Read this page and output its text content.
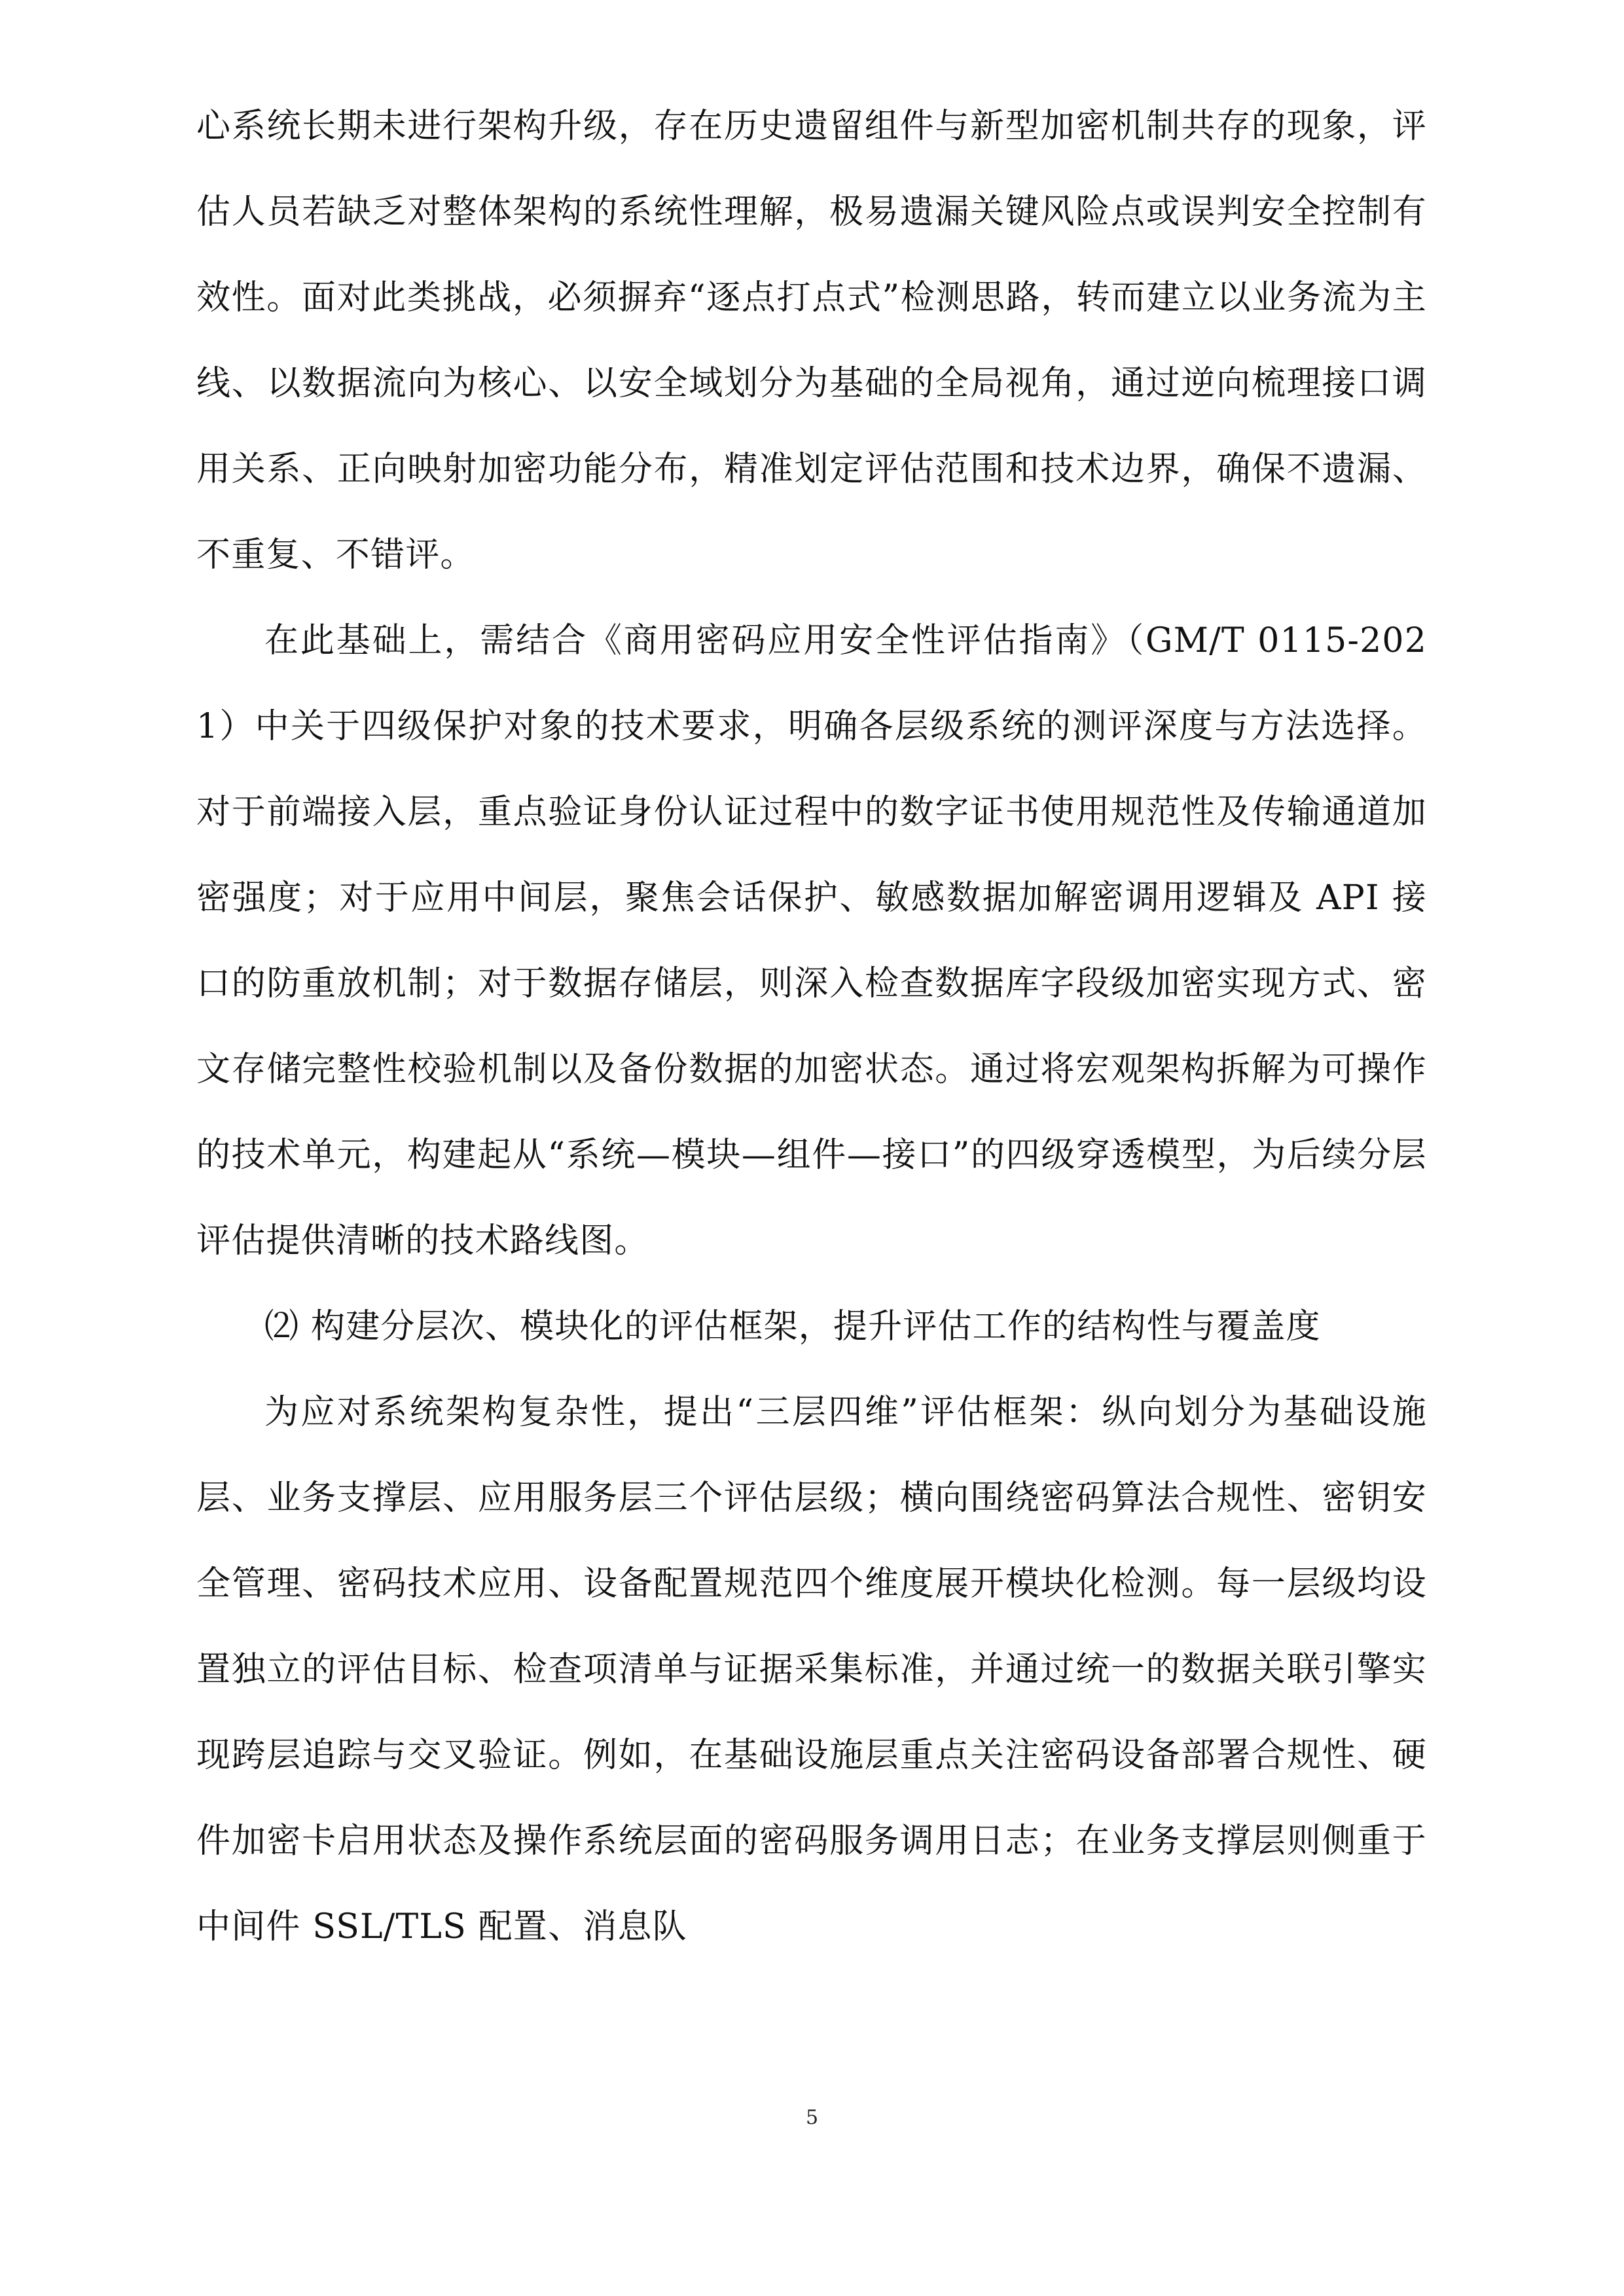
心系统长期未进行架构升级，存在历史遗留组件与新型加密机制共存的现象，评估人员若缺乏对整体架构的系统性理解，极易遗漏关键风险点或误判安全控制有效性。面对此类挑战，必须摒弃“逐点打点式”检测思路，转而建立以业务流为主线、以数据流向为核心、以安全域划分为基础的全局视角，通过逆向梳理接口调用关系、正向映射加密功能分布，精准划定评估范围和技术边界，确保不遗漏、不重复、不错评。

在此基础上，需结合《商用密码应用安全性评估指南》（GM/T 0115-2021）中关于四级保护对象的技术要求，明确各层级系统的测评深度与方法选择。对于前端接入层，重点验证身份认证过程中的数字证书使用规范性及传输通道加密强度；对于应用中间层，聚焦会话保护、敏感数据加解密调用逻辑及 API 接口的防重放机制；对于数据存储层，则深入检查数据库字段级加密实现方式、密文存储完整性校验机制以及备份数据的加密状态。通过将宏观架构拆解为可操作的技术单元，构建起从“系统—模块—组件—接口”的四级穿透模型，为后续分层评估提供清晰的技术路线图。

⑵ 构建分层次、模块化的评估框架，提升评估工作的结构性与覆盖度

为应对系统架构复杂性，提出“三层四维”评估框架：纵向划分为基础设施层、业务支撑层、应用服务层三个评估层级；横向围绕密码算法合规性、密钥安全管理、密码技术应用、设备配置规范四个维度展开模块化检测。每一层级均设置独立的评估目标、检查项清单与证据采集标准，并通过统一的数据关联引擎实现跨层追踪与交叉验证。例如，在基础设施层重点关注密码设备部署合规性、硬件加密卡启用状态及操作系统层面的密码服务调用日志；在业务支撑层则侧重于中间件 SSL/TLS 配置、消息队

5
